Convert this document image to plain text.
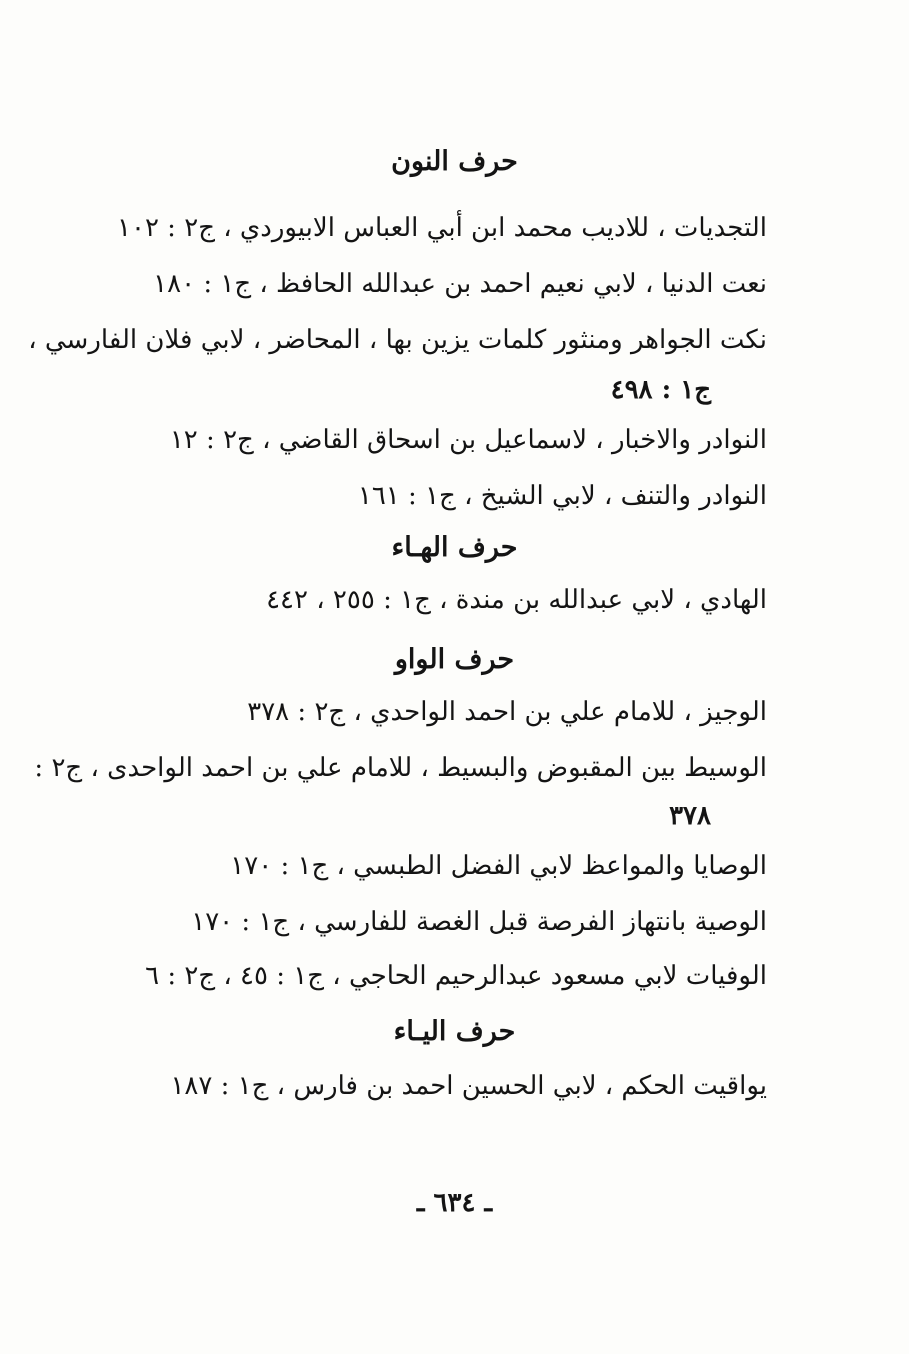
حرف النون
التجديات ، للاديب محمد ابن أبي العباس الابيوردي ، ج٢ : ١٠٢
نعت الدنيا ، لابي نعيم احمد بن عبدالله الحافظ ، ج١ : ١٨٠
نكت الجواهر ومنثور كلمات يزين بها ، المحاضر ، لابي فلان الفارسي ،
ج١ : ٤٩٨
النوادر والاخبار ، لاسماعيل بن اسحاق القاضي ، ج٢ : ١٢
النوادر والتنف ، لابي الشيخ ، ج١ : ١٦١
حرف الهـاء
الهادي ، لابي عبدالله بن مندة ، ج١ : ٢٥٥ ، ٤٤٢
حرف الواو
الوجيز ، للامام علي بن احمد الواحدي ، ج٢ : ٣٧٨
الوسيط بين المقبوض والبسيط ، للامام علي بن احمد الواحدى ، ج٢ :
٣٧٨
الوصايا والمواعظ لابي الفضل الطبسي ، ج١ : ١٧٠
الوصية بانتهاز الفرصة قبل الغصة للفارسي ، ج١ : ١٧٠
الوفيات لابي مسعود عبدالرحيم الحاجي ، ج١ : ٤٥ ، ج٢ : ٦
حرف اليـاء
يواقيت الحكم ، لابي الحسين احمد بن فارس ، ج١ : ١٨٧
ـ ٦٣٤ ـ
